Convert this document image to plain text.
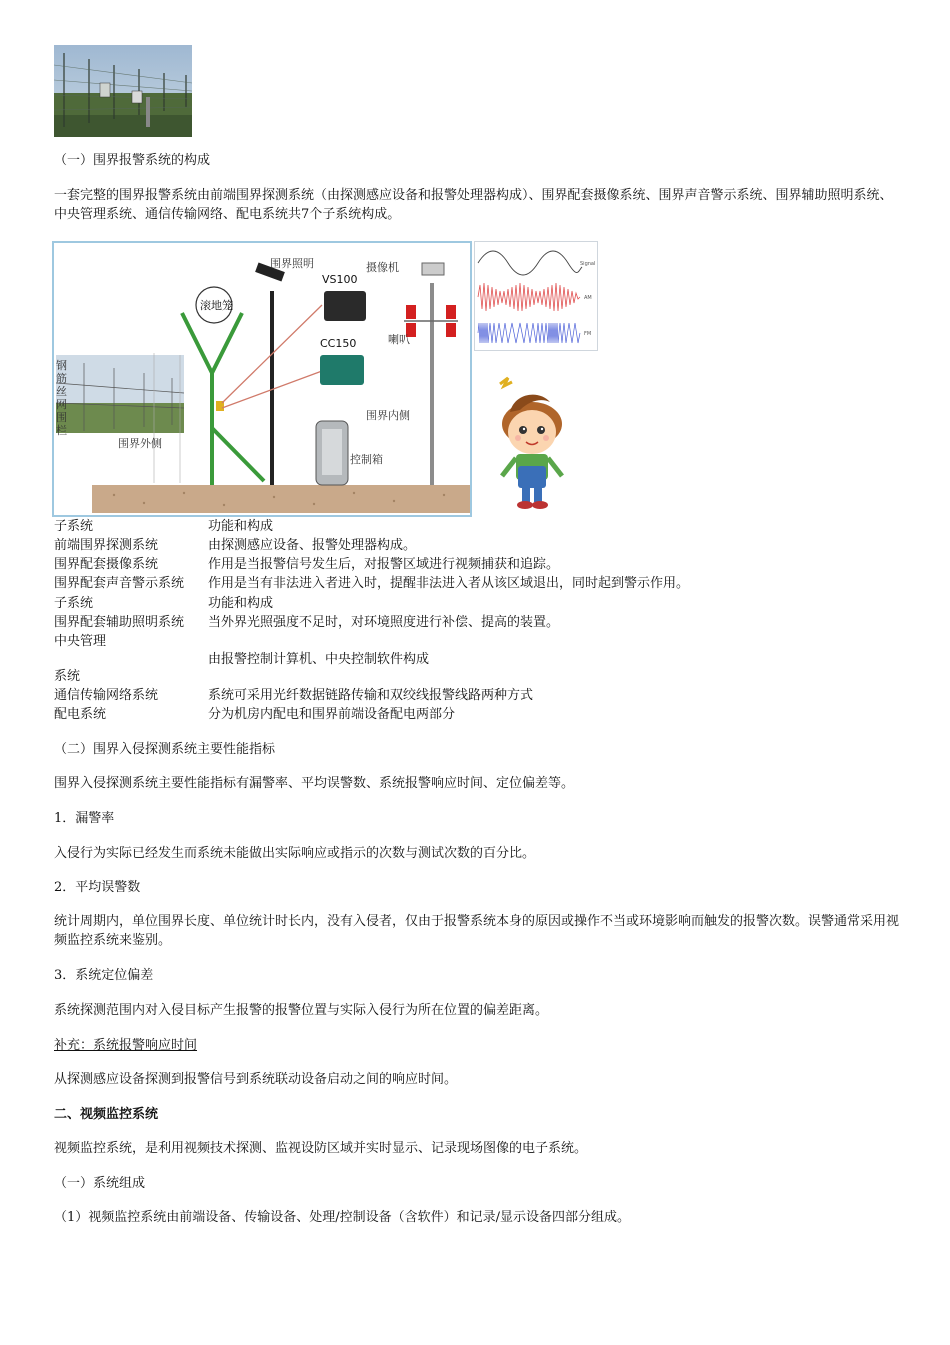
（一）围界报警系统的构成
一套完整的围界报警系统由前端围界探测系统（由探测感应设备和报警处理器构成）、围界配套摄像系统、围界声音警示系统、围界辅助照明系统、中央管理系统、通信传输网络、配电系统共7个子系统构成。
围界照明	摄像机
VS100
CC150	喇叭
滚地笼
钢
筋
丝
网
围
栏
围界外侧
围界内侧
控制箱
Signal
AM
FM
子系统	功能和构成
前端围界探测系统	由探测感应设备、报警处理器构成。
围界配套摄像系统	作用是当报警信号发生后，对报警区域进行视频捕获和追踪。
围界配套声音警示系统 作用是当有非法进入者进入时，提醒非法进入者从该区域退出，同时起到警示作用。
子系统	功能和构成
围界配套辅助照明系统 当外界光照强度不足时，对环境照度进行补偿、提高的装置。
中央管理
由报警控制计算机、中央控制软件构成
系统
通信传输网络系统	系统可采用光纤数据链路传输和双绞线报警线路两种方式
配电系统	分为机房内配电和围界前端设备配电两部分
（二）围界入侵探测系统主要性能指标
围界入侵探测系统主要性能指标有漏警率、平均误警数、系统报警响应时间、定位偏差等。
1．漏警率
入侵行为实际已经发生而系统未能做出实际响应或指示的次数与测试次数的百分比。
2．平均误警数
统计周期内，单位围界长度、单位统计时长内，没有入侵者，仅由于报警系统本身的原因或操作不当或环境影响而触发的报警次数。误警通常采用视频监控系统来鉴别。
3．系统定位偏差
系统探测范围内对入侵目标产生报警的报警位置与实际入侵行为所在位置的偏差距离。
补充：系统报警响应时间
从探测感应设备探测到报警信号到系统联动设备启动之间的响应时间。
二、视频监控系统
视频监控系统，是利用视频技术探测、监视设防区域并实时显示、记录现场图像的电子系统。
（一）系统组成
（1）视频监控系统由前端设备、传输设备、处理/控制设备（含软件）和记录/显示设备四部分组成。
